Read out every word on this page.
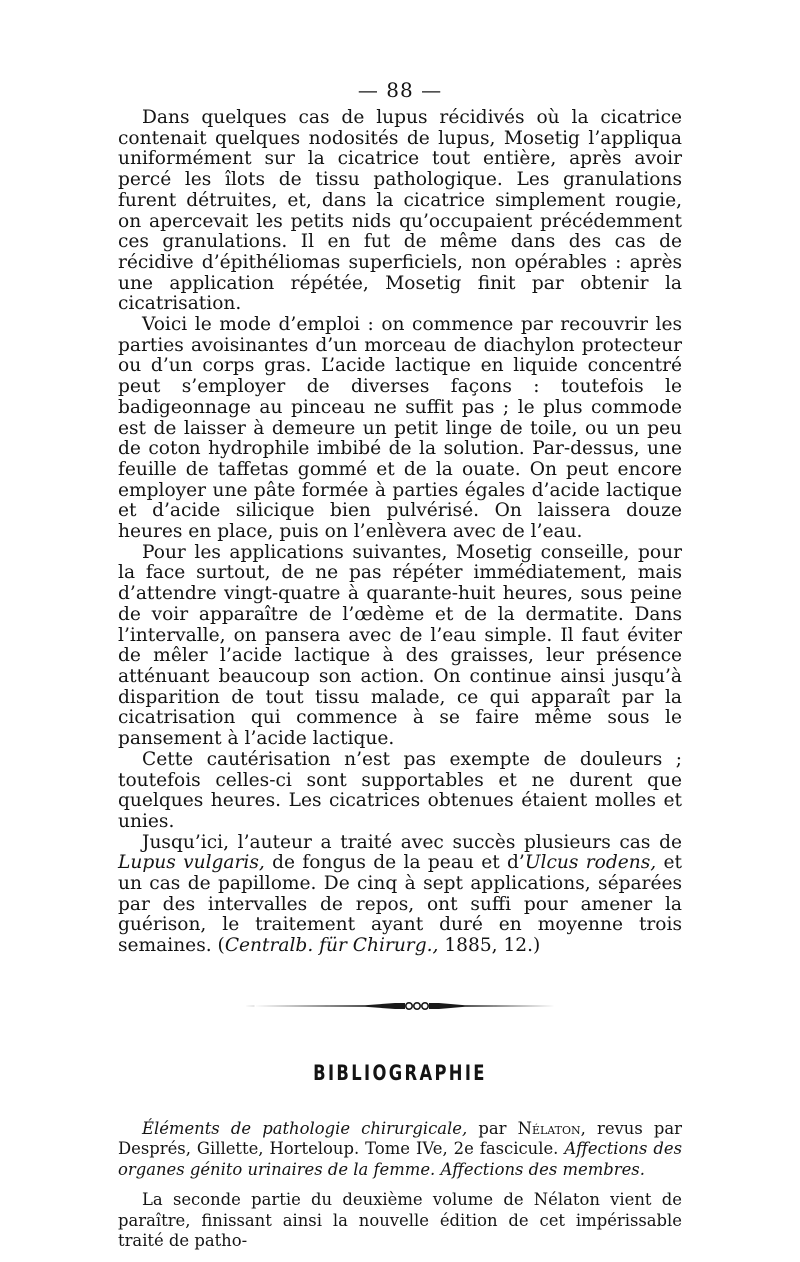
— 88 —

Dans quelques cas de lupus récidivés où la cicatrice contenait quelques nodosités de lupus, Mosetig l’appliqua uniformément sur la cicatrice tout entière, après avoir percé les îlots de tissu pathologique. Les granulations furent détruites, et, dans la cicatrice simplement rougie, on apercevait les petits nids qu’occupaient précédemment ces granulations. Il en fut de même dans des cas de récidive d’épithéliomas superficiels, non opérables : après une application répétée, Mosetig finit par obtenir la cicatrisation.

Voici le mode d’emploi : on commence par recouvrir les parties avoisinantes d’un morceau de diachylon protecteur ou d’un corps gras. L’acide lactique en liquide concentré peut s’employer de diverses façons : toutefois le badigeonnage au pinceau ne suffit pas ; le plus commode est de laisser à demeure un petit linge de toile, ou un peu de coton hydrophile imbibé de la solution. Par-dessus, une feuille de taffetas gommé et de la ouate. On peut encore employer une pâte formée à parties égales d’acide lactique et d’acide silicique bien pulvérisé. On laissera douze heures en place, puis on l’enlèvera avec de l’eau.

Pour les applications suivantes, Mosetig conseille, pour la face surtout, de ne pas répéter immédiatement, mais d’attendre vingt-quatre à quarante-huit heures, sous peine de voir apparaître de l’œdème et de la dermatite. Dans l’intervalle, on pansera avec de l’eau simple. Il faut éviter de mêler l’acide lactique à des graisses, leur présence atténuant beaucoup son action. On continue ainsi jusqu’à disparition de tout tissu malade, ce qui apparaît par la cicatrisation qui commence à se faire même sous le pansement à l’acide lactique.

Cette cautérisation n’est pas exempte de douleurs ; toutefois celles-ci sont supportables et ne durent que quelques heures. Les cicatrices obtenues étaient molles et unies.

Jusqu’ici, l’auteur a traité avec succès plusieurs cas de Lupus vulgaris, de fongus de la peau et d’Ulcus rodens, et un cas de papillome. De cinq à sept applications, séparées par des intervalles de repos, ont suffi pour amener la guérison, le traitement ayant duré en moyenne trois semaines. (Centralb. für Chirurg., 1885, 12.)

BIBLIOGRAPHIE

Éléments de pathologie chirurgicale, par Nélaton, revus par Després, Gillette, Horteloup. Tome IVe, 2e fascicule. Affections des organes génito urinaires de la femme. Affections des membres.

La seconde partie du deuxième volume de Nélaton vient de paraître, finissant ainsi la nouvelle édition de cet impérissable traité de patho-
